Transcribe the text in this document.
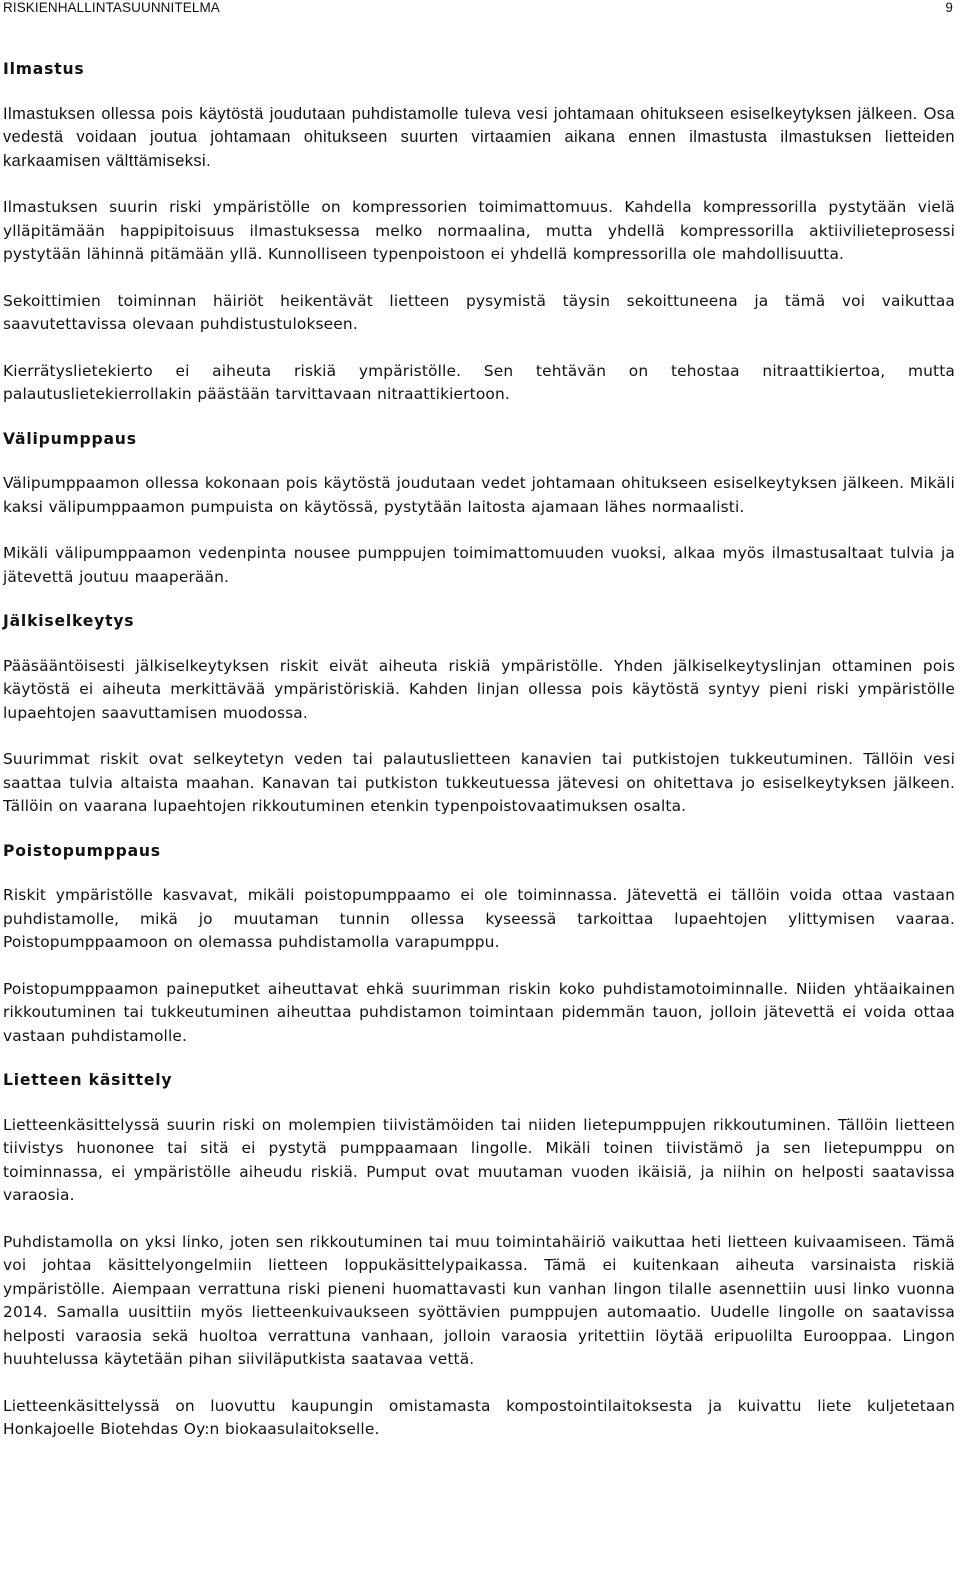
RISKIENHALLINTASUUNNITELMA	9
Ilmastus

Ilmastuksen ollessa pois käytöstä joudutaan puhdistamolle tuleva vesi johtamaan ohitukseen esiselkeytyksen jälkeen. Osa vedestä voidaan joutua johtamaan ohitukseen suurten virtaamien aikana ennen ilmastusta ilmastuksen lietteiden karkaamisen välttämiseksi.

Ilmastuksen suurin riski ympäristölle on kompressorien toimimattomuus. Kahdella kompressorilla pystytään vielä ylläpitämään happipitoisuus ilmastuksessa melko normaalina, mutta yhdellä kompressorilla aktiivilieteprosessi pystytään lähinnä pitämään yllä. Kunnolliseen typenpoistoon ei yhdellä kompressorilla ole mahdollisuutta.

Sekoittimien toiminnan häiriöt heikentävät lietteen pysymistä täysin sekoittuneena ja tämä voi vaikuttaa saavutettavissa olevaan puhdistustulokseen.

Kierrätyslietekierto ei aiheuta riskiä ympäristölle. Sen tehtävän on tehostaa nitraattikiertoa, mutta palautuslietekierrollakin päästään tarvittavaan nitraattikiertoon.

Välipumppaus

Välipumppaamon ollessa kokonaan pois käytöstä joudutaan vedet johtamaan ohitukseen esiselkeytyksen jälkeen. Mikäli kaksi välipumppaamon pumpuista on käytössä, pystytään laitosta ajamaan lähes normaalisti.

Mikäli välipumppaamon vedenpinta nousee pumppujen toimimattomuuden vuoksi, alkaa myös ilmastusaltaat tulvia ja jätevettä joutuu maaperään.

Jälkiselkeytys

Pääsääntöisesti jälkiselkeytyksen riskit eivät aiheuta riskiä ympäristölle. Yhden jälkiselkeytyslinjan ottaminen pois käytöstä ei aiheuta merkittävää ympäristöriskiä. Kahden linjan ollessa pois käytöstä syntyy pieni riski ympäristölle lupaehtojen saavuttamisen muodossa.

Suurimmat riskit ovat selkeytetyn veden tai palautuslietteen kanavien tai putkistojen tukkeutuminen. Tällöin vesi saattaa tulvia altaista maahan. Kanavan tai putkiston tukkeutuessa jätevesi on ohitettava jo esiselkeytyksen jälkeen. Tällöin on vaarana lupaehtojen rikkoutuminen etenkin typenpoistovaatimuksen osalta.

Poistopumppaus

Riskit ympäristölle kasvavat, mikäli poistopumppaamo ei ole toiminnassa. Jätevettä ei tällöin voida ottaa vastaan puhdistamolle, mikä jo muutaman tunnin ollessa kyseessä tarkoittaa lupaehtojen ylittymisen vaaraa. Poistopumppaamoon on olemassa puhdistamolla varapumppu.

Poistopumppaamon paineputket aiheuttavat ehkä suurimman riskin koko puhdistamotoiminnalle. Niiden yhtäaikainen rikkoutuminen tai tukkeutuminen aiheuttaa puhdistamon toimintaan pidemmän tauon, jolloin jätevettä ei voida ottaa vastaan puhdistamolle.

Lietteen käsittely

Lietteenkäsittelyssä suurin riski on molempien tiivistämöiden tai niiden lietepumppujen rikkoutuminen. Tällöin lietteen tiivistys huononee tai sitä ei pystytä pumppaamaan lingolle. Mikäli toinen tiivistämö ja sen lietepumppu on toiminnassa, ei ympäristölle aiheudu riskiä. Pumput ovat muutaman vuoden ikäisiä, ja niihin on helposti saatavissa varaosia.

Puhdistamolla on yksi linko, joten sen rikkoutuminen tai muu toimintahäiriö vaikuttaa heti lietteen kuivaamiseen. Tämä voi johtaa käsittelyongelmiin lietteen loppukäsittelypaikassa. Tämä ei kuitenkaan aiheuta varsinaista riskiä ympäristölle. Aiempaan verrattuna riski pieneni huomattavasti kun vanhan lingon tilalle asennettiin uusi linko vuonna 2014. Samalla uusittiin myös lietteenkuivaukseen syöttävien pumppujen automaatio. Uudelle lingolle on saatavissa helposti varaosia sekä huoltoa verrattuna vanhaan, jolloin varaosia yritettiin löytää eripuolilta Eurooppaa. Lingon huuhtelussa käytetään pihan siiviläputkista saatavaa vettä.

Lietteenkäsittelyssä on luovuttu kaupungin omistamasta kompostointilaitoksesta ja kuivattu liete kuljetetaan Honkajoelle Biotehdas Oy:n biokaasulaitokselle.
